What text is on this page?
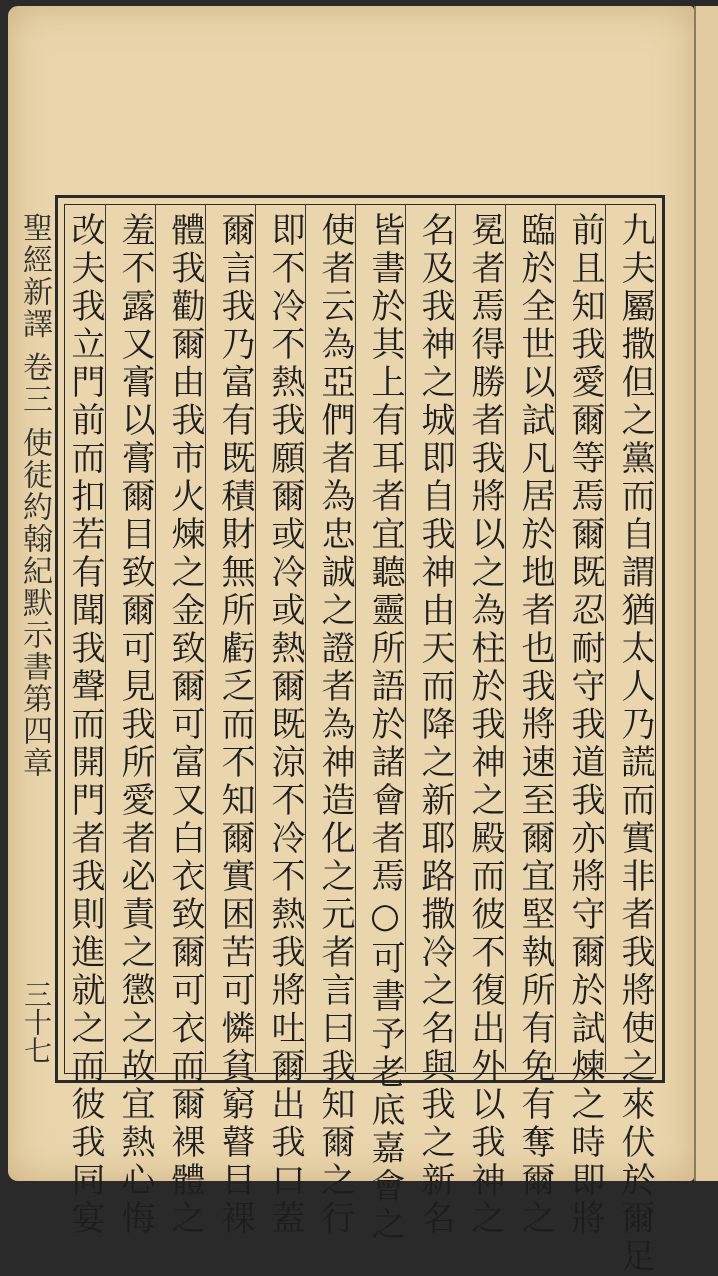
聖經新譯 卷三 使徒約翰紀默示書第四章
三十七	九夫屬撒但之黨而自謂猶太人乃謊而實非者我將使之來伏於爾足
前且知我愛爾等焉爾既忍耐守我道我亦將守爾於試煉之時即將
臨於全世以試凡居於地者也我將速至爾宜堅執所有免有奪爾之
冕者焉得勝者我將以之為柱於我神之殿而彼不復出外以我神之
名及我神之城即自我神由天而降之新耶路撒冷之名與我之新名
皆書於其上有耳者宜聽靈所語於諸會者焉○可書予老底嘉會之
使者云為亞們者為忠誠之證者為神造化之元者言曰我知爾之行
即不冷不熱我願爾或冷或熱爾既涼不冷不熱我將吐爾出我口蓋
爾言我乃富有既積財無所虧乏而不知爾實困苦可憐貧窮瞽目裸
體我勸爾由我市火煉之金致爾可富又白衣致爾可衣而爾裸體之
羞不露又膏以膏爾目致爾可見我所愛者必責之懲之故宜熱心悔
改夫我立門前而扣若有聞我聲而開門者我則進就之而彼我同宴
